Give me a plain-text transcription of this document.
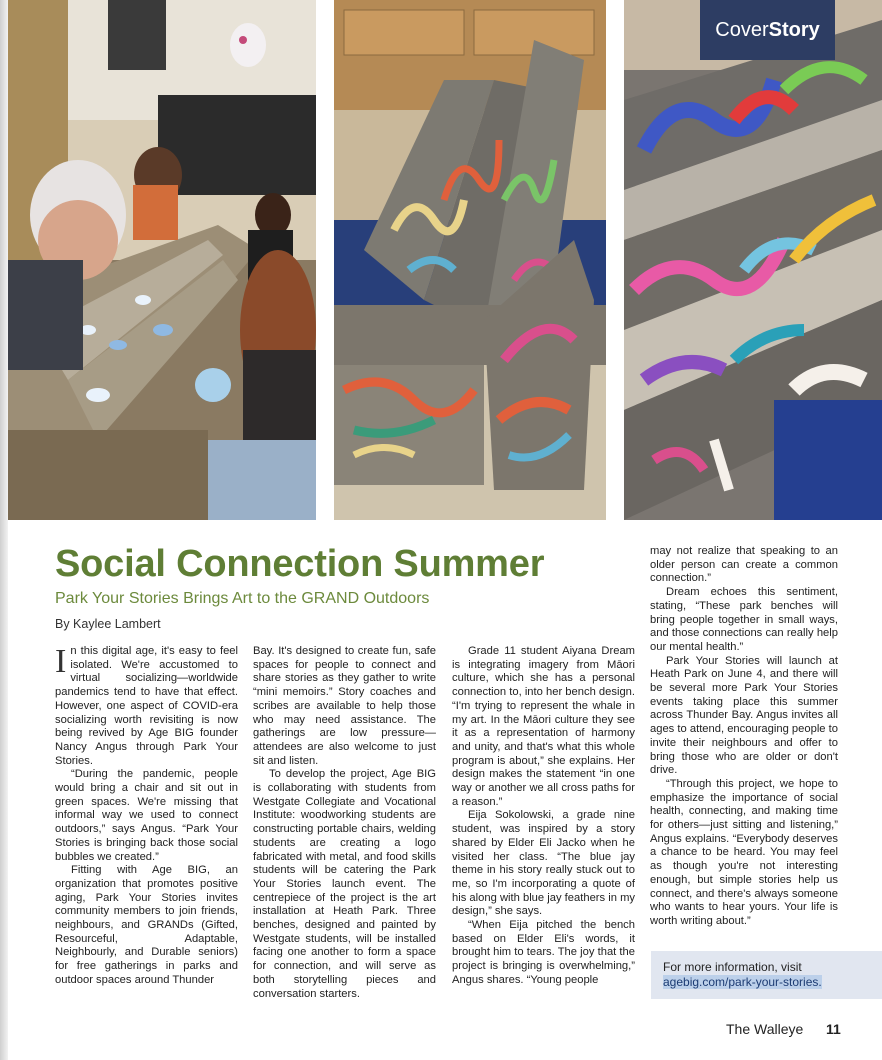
Cover Story
Social Connection Summer
Park Your Stories Brings Art to the GRAND Outdoors
By Kaylee Lambert

In this digital age, it's easy to feel isolated. We're accustomed to virtual socializing—worldwide pandemics tend to have that effect. However, one aspect of COVID-era socializing worth revisiting is now being revived by Age BIG founder Nancy Angus through Park Your Stories.

“During the pandemic, people would bring a chair and sit out in green spaces. We're missing that informal way we used to connect outdoors,” says Angus. “Park Your Stories is bringing back those social bubbles we created.”

Fitting with Age BIG, an organization that promotes positive aging, Park Your Stories invites community members to join friends, neighbours, and GRANDs (Gifted, Resourceful, Adaptable, Neighbourly, and Durable seniors) for free gatherings in parks and outdoor spaces around Thunder

Bay. It's designed to create fun, safe spaces for people to connect and share stories as they gather to write “mini memoirs.” Story coaches and scribes are available to help those who may need assistance. The gatherings are low pressure—attendees are also welcome to just sit and listen.

To develop the project, Age BIG is collaborating with students from Westgate Collegiate and Vocational Institute: woodworking students are constructing portable chairs, welding students are creating a logo fabricated with metal, and food skills students will be catering the Park Your Stories launch event. The centrepiece of the project is the art installation at Heath Park. Three benches, designed and painted by Westgate students, will be installed facing one another to form a space for connection, and will serve as both storytelling pieces and conversation starters.

Grade 11 student Aiyana Dream is integrating imagery from Māori culture, which she has a personal connection to, into her bench design. “I'm trying to represent the whale in my art. In the Māori culture they see it as a representation of harmony and unity, and that's what this whole program is about,” she explains. Her design makes the statement “in one way or another we all cross paths for a reason.”

Eija Sokolowski, a grade nine student, was inspired by a story shared by Elder Eli Jacko when he visited her class. “The blue jay theme in his story really stuck out to me, so I'm incorporating a quote of his along with blue jay feathers in my design,” she says.

“When Eija pitched the bench based on Elder Eli's words, it brought him to tears. The joy that the project is bringing is overwhelming,” Angus shares. “Young people

may not realize that speaking to an older person can create a common connection.”

Dream echoes this sentiment, stating, “These park benches will bring people together in small ways, and those connections can really help our mental health.”

Park Your Stories will launch at Heath Park on June 4, and there will be several more Park Your Stories events taking place this summer across Thunder Bay. Angus invites all ages to attend, encouraging people to invite their neighbours and offer to bring those who are older or don't drive.

“Through this project, we hope to emphasize the importance of social health, connecting, and making time for others—just sitting and listening,” Angus explains. “Everybody deserves a chance to be heard. You may feel as though you're not interesting enough, but simple stories help us connect, and there's always someone who wants to hear yours. Your life is worth writing about.”

For more information, visit
agebig.com/park-your-stories.
The Walleye 11
